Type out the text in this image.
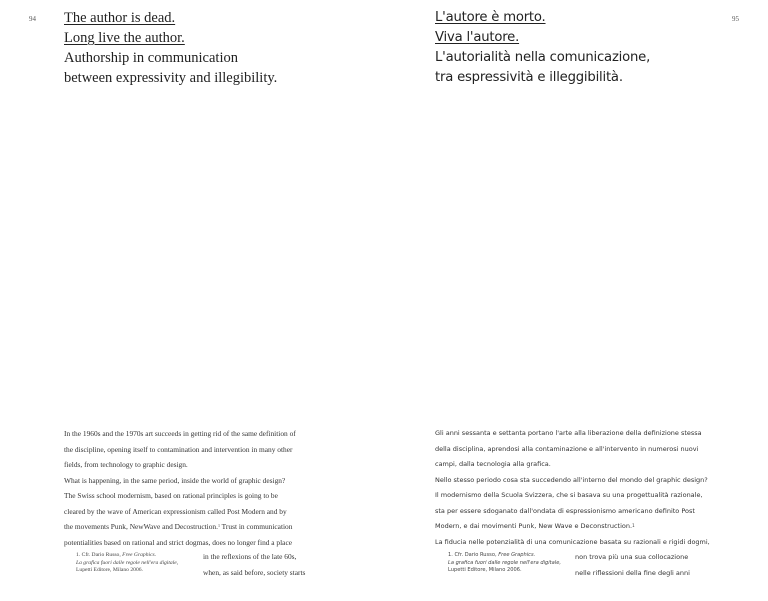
94 The author is dead.
Long live the author.
Authorship in communication
between expressivity and illegibility.
In the 1960s and the 1970s art succeeds in getting rid of the same definition of
the discipline, opening itself to contamination and intervention in many other
fields, from technology to graphic design.
What is happening, in the same period, inside the world of graphic design?
The Swiss school modernism, based on rational principles is going to be
cleared by the wave of American expressionism called Post Modern and by
the movements Punk, NewWave and Decostruction.$^1$ Trust in communication
potentialities based on rational and strict dogmas, does no longer find a place
1. Cfr. Dario Russo, Free Graphics.
La grafica fuori dalle regole nell'era digitale,
Lupetti Editore, Milano 2006.
in the reflexions of the late 60s,
when, as said before, society starts
95
L'autore è morto.
Viva l'autore.
L'autorialità nella comunicazione,
tra espressività e illeggibilità.
Gli anni sessanta e settanta portano l'arte alla liberazione della definizione stessa
della disciplina, aprendosi alla contaminazione e all'intervento in numerosi nuovi
campi, dalla tecnologia alla grafica.
Nello stesso periodo cosa sta succedendo all'interno del mondo del graphic design?
Il modernismo della Scuola Svizzera, che si basava su una progettualità razionale,
sta per essere sdoganato dall'ondata di espressionismo americano definito Post
Modern, e dai movimenti Punk, New Wave e Deconstruction.$^1$
La fiducia nelle potenzialità di una comunicazione basata su razionali e rigidi dogmi,
1. Cfr. Dario Russo, Free Graphics.
La grafica fuori dalle regole nell'era digitale,
Lupetti Editore, Milano 2006.
non trova più una sua collocazione
nelle riflessioni della fine degli anni
